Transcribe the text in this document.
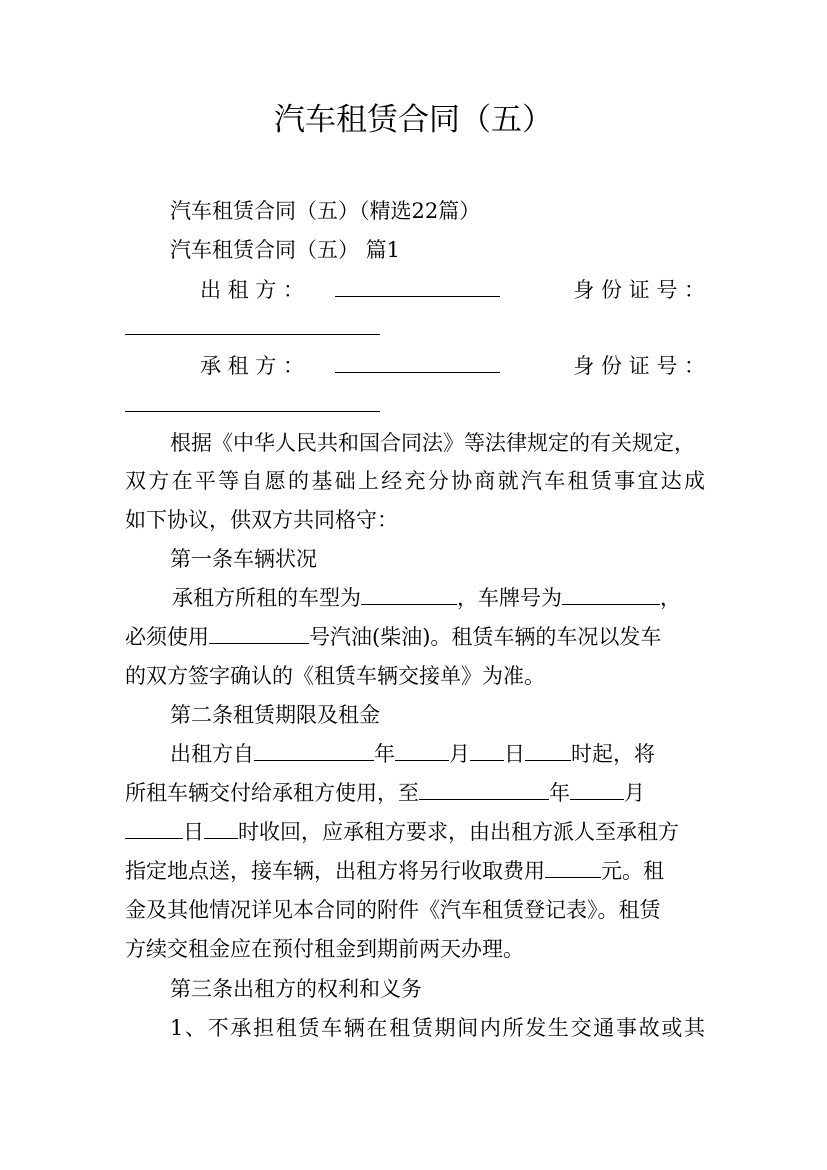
汽车租赁合同（五）
汽车租赁合同（五）（精选22篇）
汽车租赁合同（五） 篇1
出 租 方 ：	身 份 证 号 ：
承 租 方 ：	身 份 证 号 ：
根据《中华人民共和国合同法》等法律规定的有关规定，
双方在平等自愿的基础上经充分协商就汽车租赁事宜达成
如下协议，供双方共同格守：
第一条车辆状况
承租方所租的车型为	，车牌号为	，
必须使用	号汽油(柴油)。租赁车辆的车况以发车
的双方签字确认的《租赁车辆交接单》为准。
第二条租赁期限及租金
出租方自	年	月 日 时起，将
所租车辆交付给承租方使用，至	年	月
日 时收回，应承租方要求，由出租方派人至承租方
指定地点送，接车辆，出租方将另行收取费用	元。租
金及其他情况详见本合同的附件《汽车租赁登记表》。租赁
方续交租金应在预付租金到期前两天办理。
第三条出租方的权利和义务
1、不承担租赁车辆在租赁期间内所发生交通事故或其
